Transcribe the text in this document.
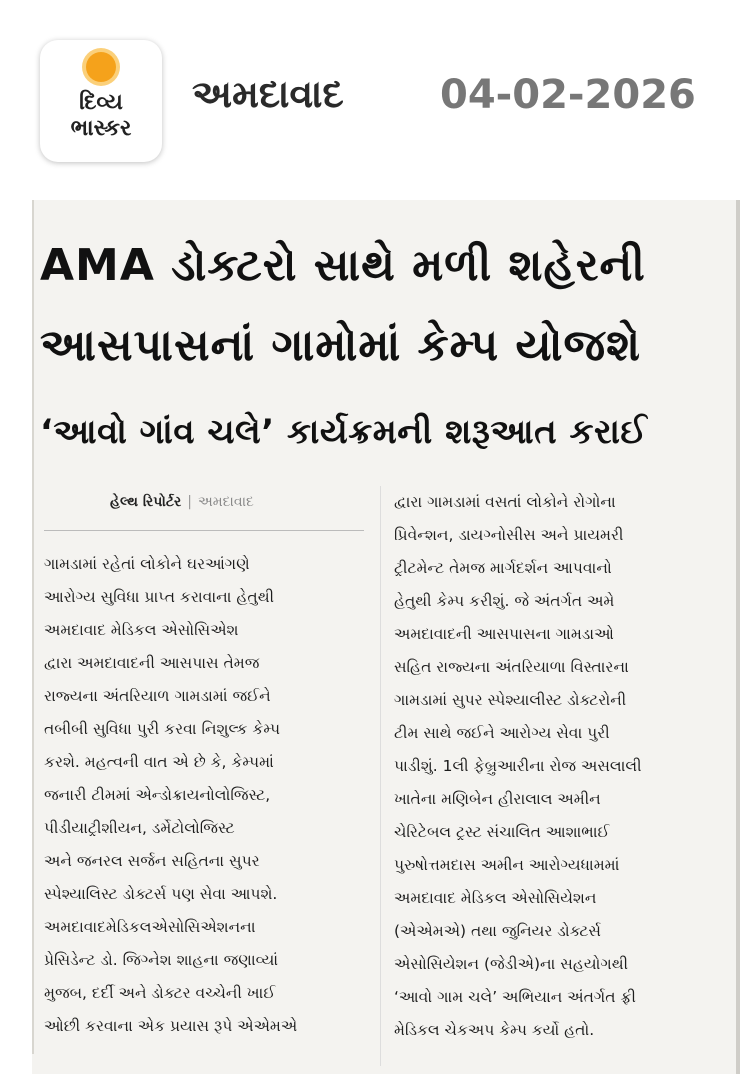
દિવ્ય
ભાસ્કર
અમદાવાદ 04-02-2026
AMA ડોક્ટરો સાથે મળી શહેરની
આસપાસનાં ગામોમાં કેમ્પ યોજશે
‘આવો ગાંવ ચલે’ કાર્યક્રમની શરૂઆત કરાઈ
હેલ્થ રિપોર્ટર | અમદાવાદ
ગામડામાં રહેતાં લોકોને ઘરઆંગણે
આરોગ્ય સુવિધા પ્રાપ્ત કરાવાના હેતુથી
અમદાવાદ મેડિકલ એસોસિએશ
દ્વારા અમદાવાદની આસપાસ તેમજ
રાજ્યના અંતરિયાળ ગામડામાં જઈને
તબીબી સુવિધા પુરી કરવા નિશુલ્ક કેમ્પ
કરશે. મહત્વની વાત એ છે કે, કેમ્પમાં
જનારી ટીમમાં એન્ડોક્રાયનોલોજિસ્ટ,
પીડીયાટ્રીશીયન, ડર્મેટોલોજિસ્ટ
અને જનરલ સર્જન સહિતના સુપર
સ્પેશ્યાલિસ્ટ ડોક્ટર્સ પણ સેવા આપશે.
અમદાવાદમેડિકલએસોસિએશનના
પ્રેસિડેન્ટ ડો. જિગ્નેશ શાહના જણાવ્યાં
મુજબ, દર્દી અને ડોક્ટર વચ્ચેની ખાઈ
ઓછી કરવાના એક પ્રયાસ રૂપે એએમએ
દ્વારા ગામડામાં વસતાં લોકોને રોગોના
પ્રિવેન્શન, ડાયગ્નોસીસ અને પ્રાયમરી
ટ્રીટમેન્ટ તેમજ માર્ગદર્શન આપવાનો
હેતુથી કેમ્પ કરીશું. જે અંતર્ગત અમે
અમદાવાદની આસપાસના ગામડાઓ
સહિત રાજ્યના અંતરિયાળા વિસ્તારના
ગામડામાં સુપર સ્પેશ્યાલીસ્ટ ડોક્ટરોની
ટીમ સાથે જઈને આરોગ્ય સેવા પુરી
પાડીશું. 1લી ફેબ્રુઆરીના રોજ અસલાલી
ખાતેના મણિબેન હીરાલાલ અમીન
ચેરિટેબલ ટ્રસ્ટ સંચાલિત આશાભાઈ
પુરુષોત્તમદાસ અમીન આરોગ્યધામમાં
અમદાવાદ મેડિકલ એસોસિયેશન
(એએમએ) તથા જુનિયર ડોક્ટર્સ
એસોસિયેશન (જેડીએ)ના સહયોગથી
‘આવો ગામ ચલે’ અભિયાન અંતર્ગત ફ્રી
મેડિકલ ચેકઅપ કેમ્પ કર્યો હતો.
